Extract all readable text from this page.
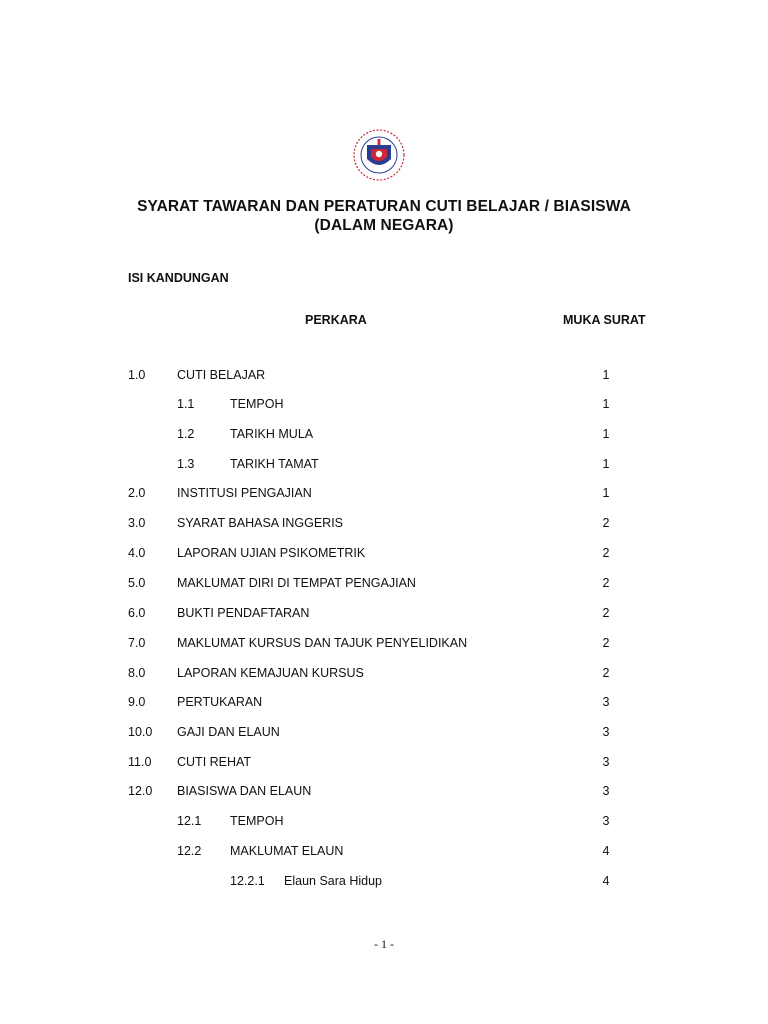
SYARAT TAWARAN DAN PERATURAN CUTI BELAJAR / BIASISWA
(DALAM NEGARA)
ISI KANDUNGAN
PERKARA	MUKA SURAT
1.0	CUTI BELAJAR	1
1.1	TEMPOH	1
1.2	TARIKH MULA	1
1.3	TARIKH TAMAT	1
2.0	INSTITUSI PENGAJIAN	1
3.0	SYARAT BAHASA INGGERIS	2
4.0	LAPORAN UJIAN PSIKOMETRIK	2
5.0	MAKLUMAT DIRI DI TEMPAT PENGAJIAN	2
6.0	BUKTI PENDAFTARAN	2
7.0	MAKLUMAT KURSUS DAN TAJUK PENYELIDIKAN	2
8.0	LAPORAN KEMAJUAN KURSUS	2
9.0	PERTUKARAN	3
10.0 GAJI DAN ELAUN	3
11.0 CUTI REHAT	3
12.0 BIASISWA DAN ELAUN	3
12.1 TEMPOH	3
12.2 MAKLUMAT ELAUN	4
12.2.1 Elaun Sara Hidup	4
- 1 -
